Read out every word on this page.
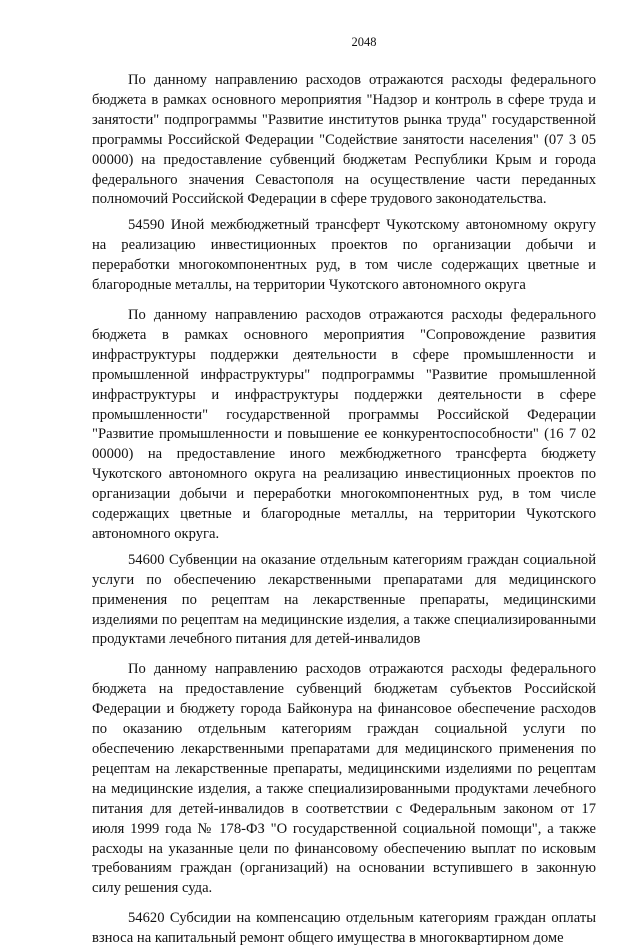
2048

По данному направлению расходов отражаются расходы федерального бюджета в рамках основного мероприятия "Надзор и контроль в сфере труда и занятости" подпрограммы "Развитие институтов рынка труда" государственной программы Российской Федерации "Содействие занятости населения" (07 3 05 00000) на предоставление субвенций бюджетам Республики Крым и города федерального значения Севастополя на осуществление части переданных полномочий Российской Федерации в сфере трудового законодательства.

54590 Иной межбюджетный трансферт Чукотскому автономному округу на реализацию инвестиционных проектов по организации добычи и переработки многокомпонентных руд, в том числе содержащих цветные и благородные металлы, на территории Чукотского автономного округа

По данному направлению расходов отражаются расходы федерального бюджета в рамках основного мероприятия "Сопровождение развития инфраструктуры поддержки деятельности в сфере промышленности и промышленной инфраструктуры" подпрограммы "Развитие промышленной инфраструктуры и инфраструктуры поддержки деятельности в сфере промышленности" государственной программы Российской Федерации "Развитие промышленности и повышение ее конкурентоспособности" (16 7 02 00000) на предоставление иного межбюджетного трансферта бюджету Чукотского автономного округа на реализацию инвестиционных проектов по организации добычи и переработки многокомпонентных руд, в том числе содержащих цветные и благородные металлы, на территории Чукотского автономного округа.

54600 Субвенции на оказание отдельным категориям граждан социальной услуги по обеспечению лекарственными препаратами для медицинского применения по рецептам на лекарственные препараты, медицинскими изделиями по рецептам на медицинские изделия, а также специализированными продуктами лечебного питания для детей-инвалидов

По данному направлению расходов отражаются расходы федерального бюджета на предоставление субвенций бюджетам субъектов Российской Федерации и бюджету города Байконура на финансовое обеспечение расходов по оказанию отдельным категориям граждан социальной услуги по обеспечению лекарственными препаратами для медицинского применения по рецептам на лекарственные препараты, медицинскими изделиями по рецептам на медицинские изделия, а также специализированными продуктами лечебного питания для детей-инвалидов в соответствии с Федеральным законом от 17 июля 1999 года № 178-ФЗ "О государственной социальной помощи", а также расходы на указанные цели по финансовому обеспечению выплат по исковым требованиям граждан (организаций) на основании вступившего в законную силу решения суда.

54620 Субсидии на компенсацию отдельным категориям граждан оплаты взноса на капитальный ремонт общего имущества в многоквартирном доме
